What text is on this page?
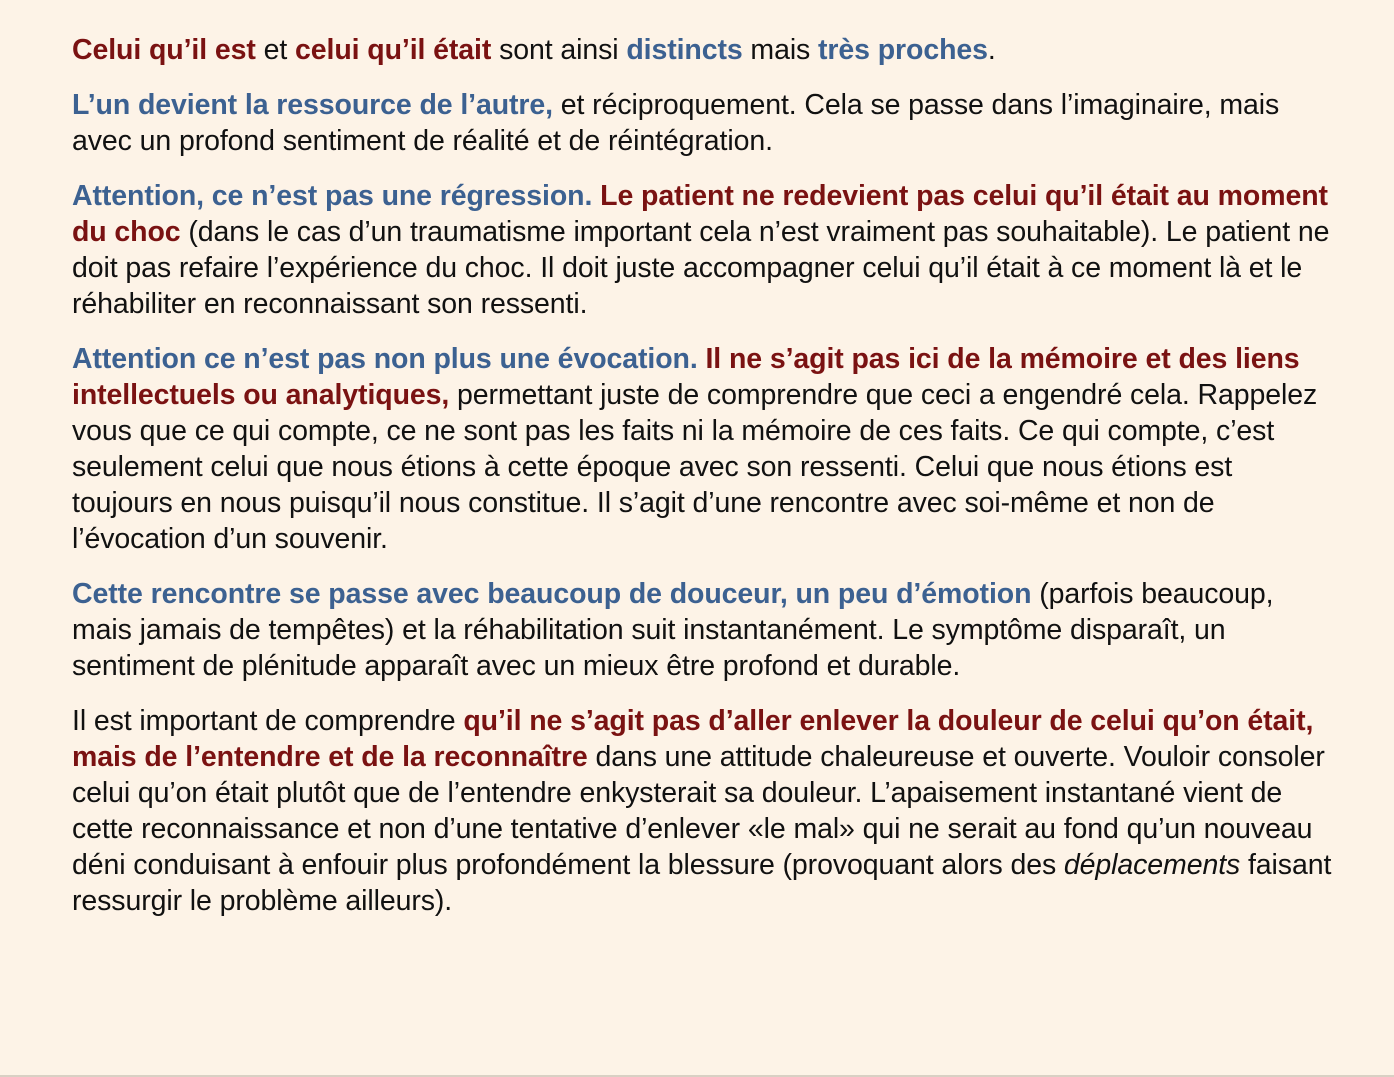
Celui qu’il est et celui qu’il était sont ainsi distincts mais très proches.

L’un devient la ressource de l’autre, et réciproquement. Cela se passe dans l’imaginaire, mais avec un profond sentiment de réalité et de réintégration.

Attention, ce n’est pas une régression. Le patient ne redevient pas celui qu’il était au moment du choc (dans le cas d’un traumatisme important cela n’est vraiment pas souhaitable). Le patient ne doit pas refaire l’expérience du choc. Il doit juste accompagner celui qu’il était à ce moment là et le réhabiliter en reconnaissant son ressenti.

Attention ce n’est pas non plus une évocation. Il ne s’agit pas ici de la mémoire et des liens intellectuels ou analytiques, permettant juste de comprendre que ceci a engendré cela. Rappelez vous que ce qui compte, ce ne sont pas les faits ni la mémoire de ces faits. Ce qui compte, c’est seulement celui que nous étions à cette époque avec son ressenti. Celui que nous étions est toujours en nous puisqu’il nous constitue. Il s’agit d’une rencontre avec soi-même et non de l’évocation d’un souvenir.

Cette rencontre se passe avec beaucoup de douceur, un peu d’émotion (parfois beaucoup, mais jamais de tempêtes) et la réhabilitation suit instantanément. Le symptôme disparaît, un sentiment de plénitude apparaît avec un mieux être profond et durable.

Il est important de comprendre qu’il ne s’agit pas d’aller enlever la douleur de celui qu’on était, mais de l’entendre et de la reconnaître dans une attitude chaleureuse et ouverte. Vouloir consoler celui qu’on était plutôt que de l’entendre enkysterait sa douleur. L’apaisement instantané vient de cette reconnaissance et non d’une tentative d’enlever «le mal» qui ne serait au fond qu’un nouveau déni conduisant à enfouir plus profondément la blessure (provoquant alors des déplacements faisant ressurgir le problème ailleurs).
